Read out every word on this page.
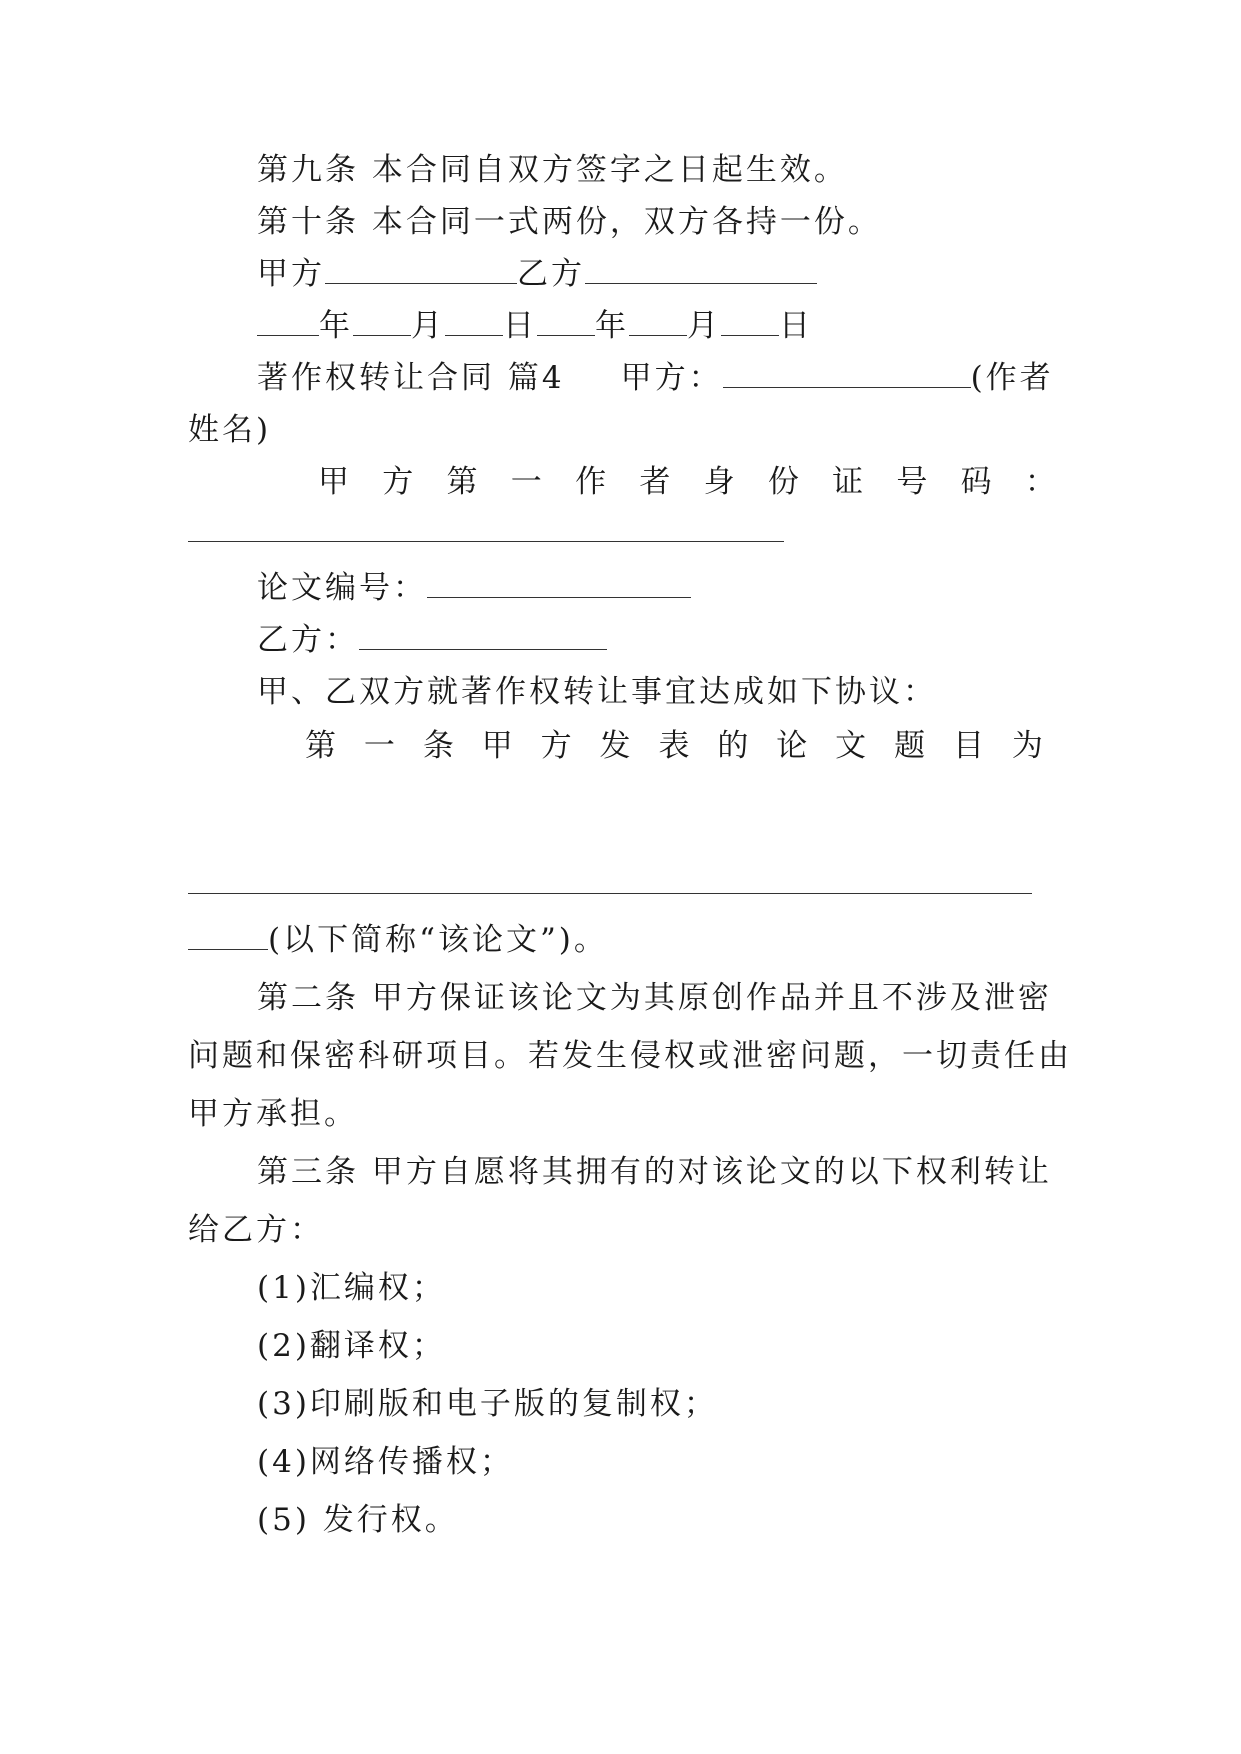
第九条 本合同自双方签字之日起生效。
第十条 本合同一式两份，双方各持一份。
甲方	乙方
年 月 日 年 月 日
著作权转让合同 篇4 甲方：	(作者
姓名)
甲 方 第 一 作 者 身 份 证 号 码 ：
论文编号：
乙方：
甲、乙双方就著作权转让事宜达成如下协议：
第 一 条 甲 方 发 表 的 论 文 题 目 为
(以下简称“该论文”)。
第二条 甲方保证该论文为其原创作品并且不涉及泄密
问题和保密科研项目。若发生侵权或泄密问题，一切责任由
甲方承担。
第三条 甲方自愿将其拥有的对该论文的以下权利转让
给乙方：
(1)汇编权；
(2)翻译权；
(3)印刷版和电子版的复制权；
(4)网络传播权；
(5) 发行权。
